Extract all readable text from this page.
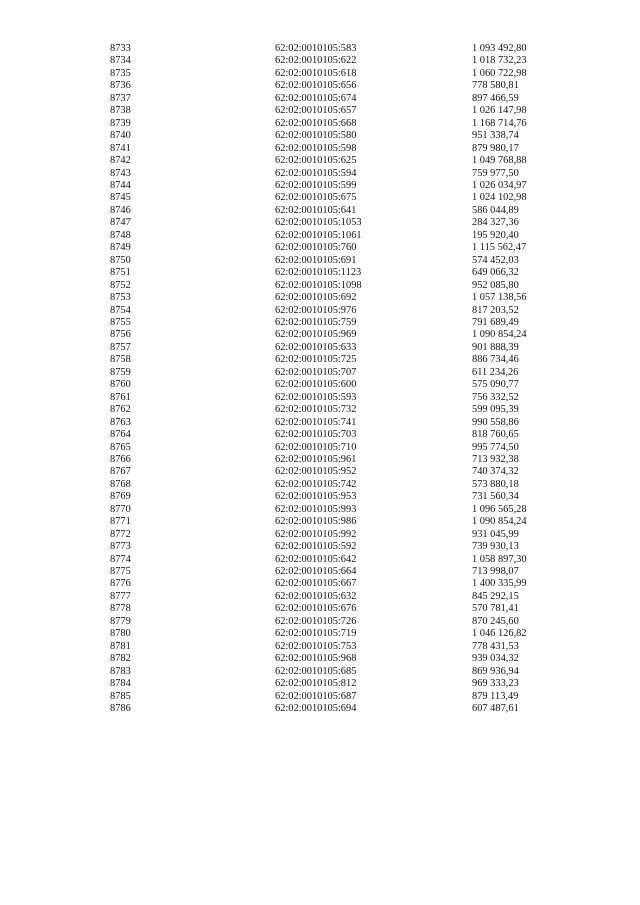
8733	62:02:0010105:583	1 093 492,80
8734	62:02:0010105:622	1 018 732,23
8735	62:02:0010105:618	1 060 722,98
8736	62:02:0010105:656	778 580,81
8737	62:02:0010105:674	897 466,59
8738	62:02:0010105:657	1 026 147,98
8739	62:02:0010105:668	1 168 714,76
8740	62:02:0010105:580	951 338,74
8741	62:02:0010105:598	879 980,17
8742	62:02:0010105:625	1 049 768,88
8743	62:02:0010105:594	759 977,50
8744	62:02:0010105:599	1 026 034,97
8745	62:02:0010105:675	1 024 102,98
8746	62:02:0010105:641	586 044,89
8747	62:02:0010105:1053	284 327,36
8748	62:02:0010105:1061	195 920,40
8749	62:02:0010105:760	1 115 562,47
8750	62:02:0010105:691	574 452,03
8751	62:02:0010105:1123	649 066,32
8752	62:02:0010105:1098	952 085,80
8753	62:02:0010105:692	1 057 138,56
8754	62:02:0010105:976	817 203,52
8755	62:02:0010105:759	791 689,49
8756	62:02:0010105:969	1 090 854,24
8757	62:02:0010105:633	901 888,39
8758	62:02:0010105:725	886 734,46
8759	62:02:0010105:707	611 234,26
8760	62:02:0010105:600	575 090,77
8761	62:02:0010105:593	756 332,52
8762	62:02:0010105:732	599 095,39
8763	62:02:0010105:741	990 558,86
8764	62:02:0010105:703	818 760,65
8765	62:02:0010105:710	995 774,50
8766	62:02:0010105:961	713 932,38
8767	62:02:0010105:952	740 374,32
8768	62:02:0010105:742	573 880,18
8769	62:02:0010105:953	731 560,34
8770	62:02:0010105:993	1 096 565,28
8771	62:02:0010105:986	1 090 854,24
8772	62:02:0010105:992	931 045,99
8773	62:02:0010105:592	739 930,13
8774	62:02:0010105:642	1 058 897,30
8775	62:02:0010105:664	713 998,07
8776	62:02:0010105:667	1 400 335,99
8777	62:02:0010105:632	845 292,15
8778	62:02:0010105:676	570 781,41
8779	62:02:0010105:726	870 245,60
8780	62:02:0010105:719	1 046 126,82
8781	62:02:0010105:753	778 431,53
8782	62:02:0010105:968	939 034,32
8783	62:02:0010105:685	869 936,94
8784	62:02:0010105:812	969 333,23
8785	62:02:0010105:687	879 113,49
8786	62:02:0010105:694	607 487,61
